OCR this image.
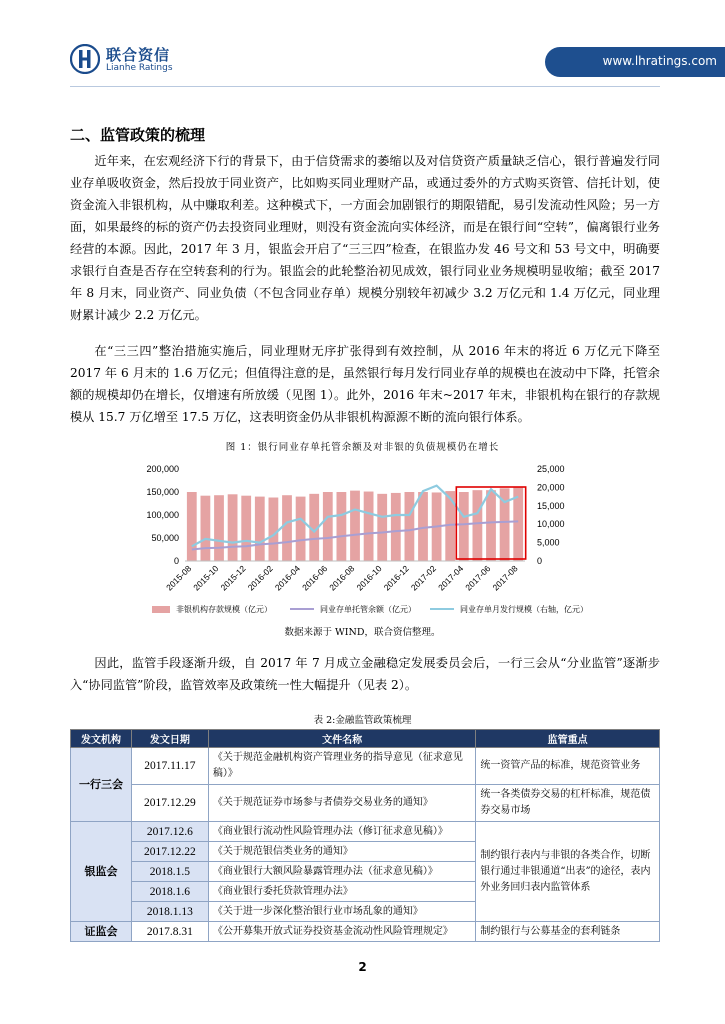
联合资信
Lianhe Ratings	www.lhratings.com
二、监管政策的梳理
近年来，在宏观经济下行的背景下，由于信贷需求的萎缩以及对信贷资产质量缺乏信心，银行普遍发行同业存单吸收资金，然后投放于同业资产，比如购买同业理财产品，或通过委外的方式购买资管、信托计划，使资金流入非银机构，从中赚取利差。这种模式下，一方面会加剧银行的期限错配，易引发流动性风险；另一方面，如果最终的标的资产仍去投资同业理财，则没有资金流向实体经济，而是在银行间“空转”，偏离银行业务经营的本源。因此，2017 年 3 月，银监会开启了“三三四”检查，在银监办发 46 号文和 53 号文中，明确要求银行自查是否存在空转套利的行为。银监会的此轮整治初见成效，银行同业业务规模明显收缩；截至 2017 年 8 月末，同业资产、同业负债（不包含同业存单）规模分别较年初减少 3.2 万亿元和 1.4 万亿元，同业理财累计减少 2.2 万亿元。
在“三三四”整治措施实施后，同业理财无序扩张得到有效控制，从 2016 年末的将近 6 万亿元下降至 2017 年 6 月末的 1.6 万亿元；但值得注意的是，虽然银行每月发行同业存单的规模也在波动中下降，托管余额的规模却仍在增长，仅增速有所放缓（见图 1）。此外，2016 年末~2017 年末，非银机构在银行的存款规模从 15.7 万亿增至 17.5 万亿，这表明资金仍从非银机构源源不断的流向银行体系。
图 1：银行同业存单托管余额及对非银的负债规模仍在增长
0
50,000
100,000
150,000
200,000
0
5,000
10,000
15,000
20,000
25,000
2015-08
2015-10
2015-12
2016-02
2016-04
2016-06
2016-08
2016-10
2016-12
2017-02
2017-04
2017-06
2017-08
非银机构存款规模（亿元）	同业存单托管余额（亿元）	同业存单月发行规模（右轴，亿元）
数据来源于 WIND，联合资信整理。
因此，监管手段逐渐升级，自 2017 年 7 月成立金融稳定发展委员会后，一行三会从“分业监管”逐渐步入“协同监管”阶段，监管效率及政策统一性大幅提升（见表 2）。
表 2:金融监管政策梳理
发文机构	发文日期	文件名称	监管重点
一行三会	2017.11.17	《关于规范金融机构资产管理业务的指导意见（征求意见稿）》	统一资管产品的标准，规范资管业务
	2017.12.29	《关于规范证券市场参与者债券交易业务的通知》	统一各类债券交易的杠杆标准，规范债券交易市场
银监会	2017.12.6	《商业银行流动性风险管理办法（修订征求意见稿）》	制约银行表内与非银的各类合作，切断银行通过非银通道“出表”的途径，表内外业务回归表内监管体系
	2017.12.22	《关于规范银信类业务的通知》	
	2018.1.5	《商业银行大额风险暴露管理办法（征求意见稿）》	
	2018.1.6	《商业银行委托贷款管理办法》	
	2018.1.13	《关于进一步深化整治银行业市场乱象的通知》	
证监会	2017.8.31	《公开募集开放式证券投资基金流动性风险管理规定》	制约银行与公募基金的套利链条
2
